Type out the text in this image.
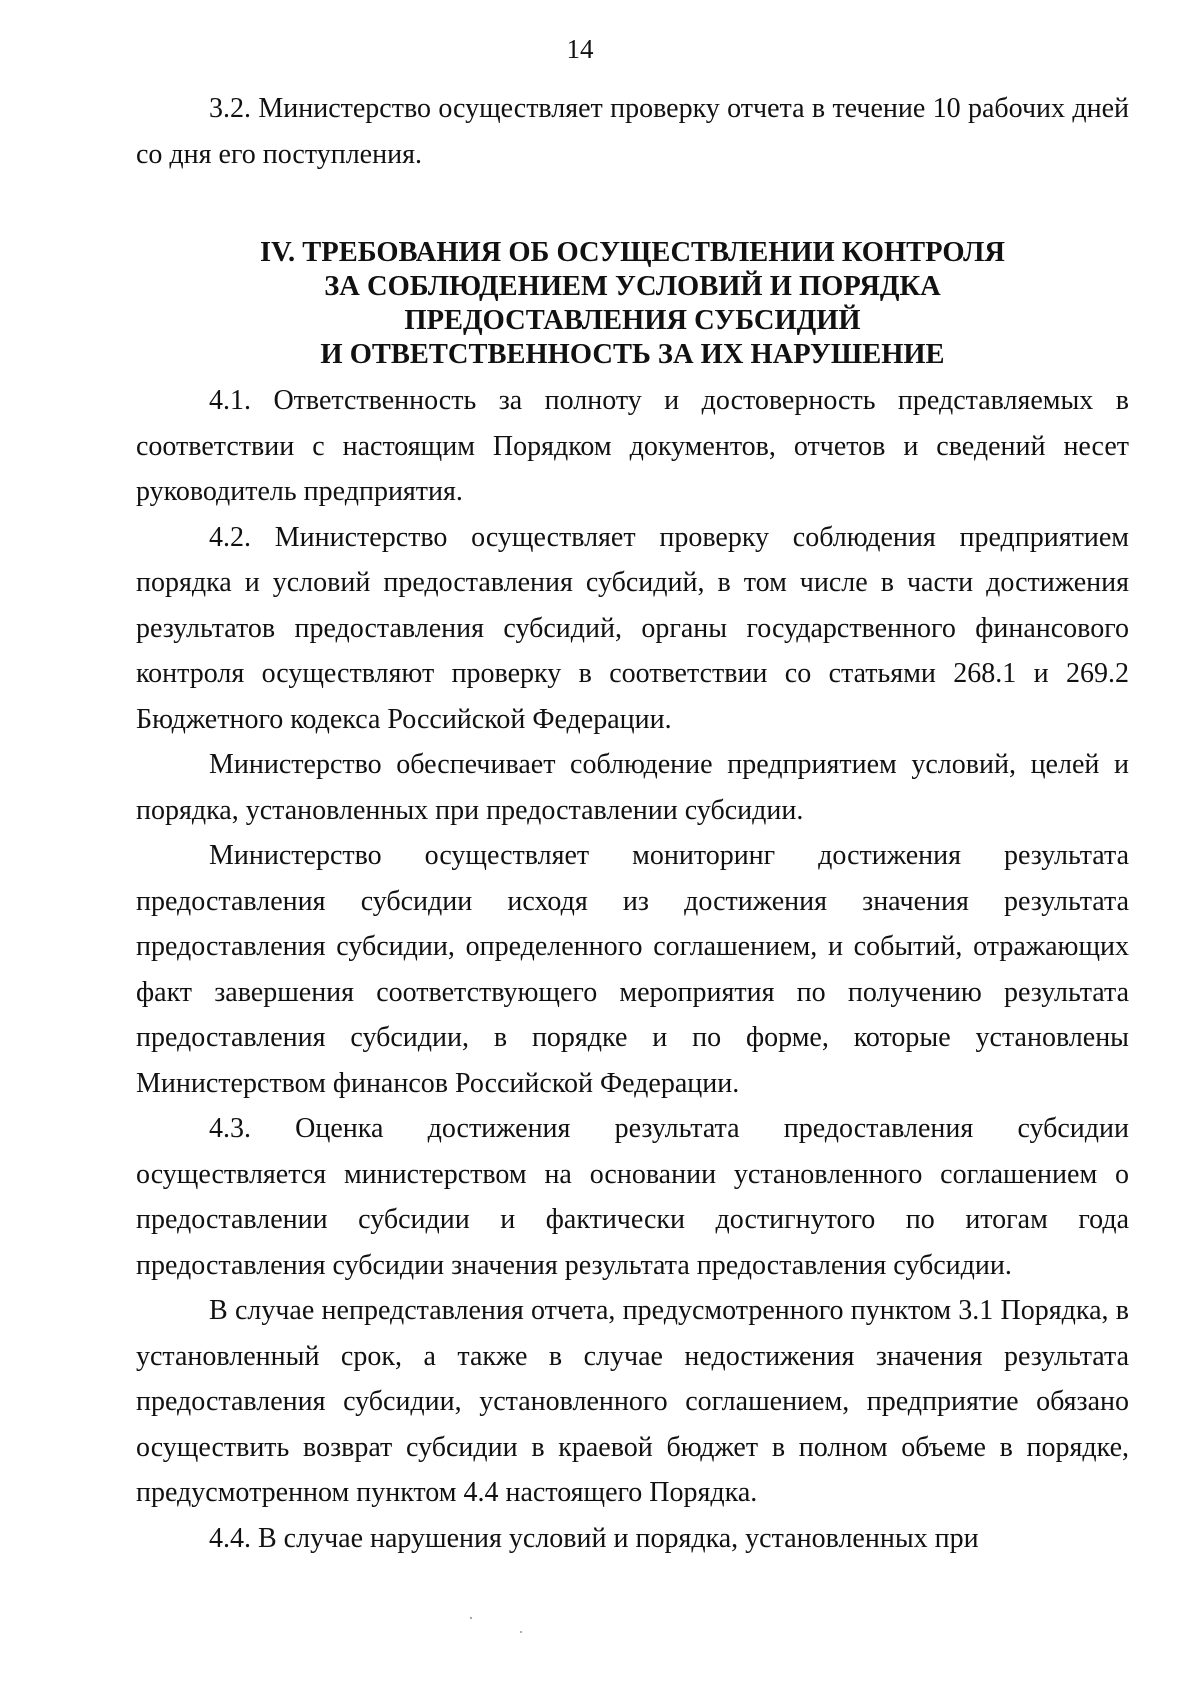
14

3.2. Министерство осуществляет проверку отчета в течение 10 рабочих дней со дня его поступления.

IV. ТРЕБОВАНИЯ ОБ ОСУЩЕСТВЛЕНИИ КОНТРОЛЯ
ЗА СОБЛЮДЕНИЕМ УСЛОВИЙ И ПОРЯДКА
ПРЕДОСТАВЛЕНИЯ СУБСИДИЙ
И ОТВЕТСТВЕННОСТЬ ЗА ИХ НАРУШЕНИЕ

4.1. Ответственность за полноту и достоверность представляемых в соответствии с настоящим Порядком документов, отчетов и сведений несет руководитель предприятия.

4.2. Министерство осуществляет проверку соблюдения предприятием порядка и условий предоставления субсидий, в том числе в части достижения результатов предоставления субсидий, органы государственного финансового контроля осуществляют проверку в соответствии со статьями 268.1 и 269.2 Бюджетного кодекса Российской Федерации.

Министерство обеспечивает соблюдение предприятием условий, целей и порядка, установленных при предоставлении субсидии.

Министерство осуществляет мониторинг достижения результата предоставления субсидии исходя из достижения значения результата предоставления субсидии, определенного соглашением, и событий, отражающих факт завершения соответствующего мероприятия по получению результата предоставления субсидии, в порядке и по форме, которые установлены Министерством финансов Российской Федерации.

4.3. Оценка достижения результата предоставления субсидии осуществляется министерством на основании установленного соглашением о предоставлении субсидии и фактически достигнутого по итогам года предоставления субсидии значения результата предоставления субсидии.

В случае непредставления отчета, предусмотренного пунктом 3.1 Порядка, в установленный срок, а также в случае недостижения значения результата предоставления субсидии, установленного соглашением, предприятие обязано осуществить возврат субсидии в краевой бюджет в полном объеме в порядке, предусмотренном пунктом 4.4 настоящего Порядка.

4.4. В случае нарушения условий и порядка, установленных при
